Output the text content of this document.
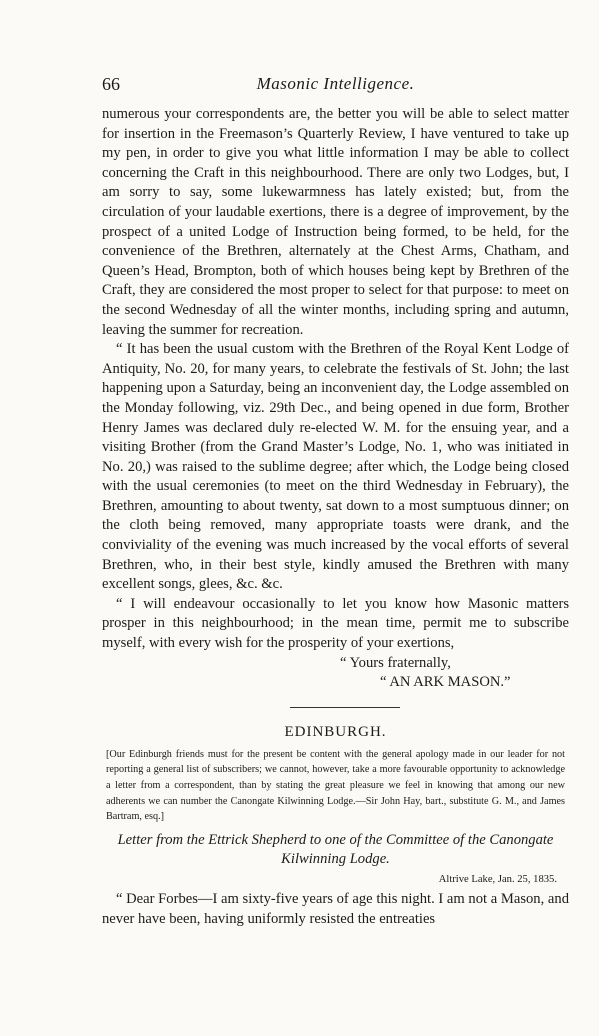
66	Masonic Intelligence.

numerous your correspondents are, the better you will be able to select matter for insertion in the Freemason’s Quarterly Review, I have ventured to take up my pen, in order to give you what little information I may be able to collect concerning the Craft in this neighbourhood. There are only two Lodges, but, I am sorry to say, some lukewarmness has lately existed; but, from the circulation of your laudable exertions, there is a degree of improvement, by the prospect of a united Lodge of Instruction being formed, to be held, for the convenience of the Brethren, alternately at the Chest Arms, Chatham, and Queen’s Head, Brompton, both of which houses being kept by Brethren of the Craft, they are considered the most proper to select for that purpose: to meet on the second Wednesday of all the winter months, including spring and autumn, leaving the summer for recreation.

“ It has been the usual custom with the Brethren of the Royal Kent Lodge of Antiquity, No. 20, for many years, to celebrate the festivals of St. John; the last happening upon a Saturday, being an inconvenient day, the Lodge assembled on the Monday following, viz. 29th Dec., and being opened in due form, Brother Henry James was declared duly re-elected W. M. for the ensuing year, and a visiting Brother (from the Grand Master’s Lodge, No. 1, who was initiated in No. 20,) was raised to the sublime degree; after which, the Lodge being closed with the usual ceremonies (to meet on the third Wednesday in February), the Brethren, amounting to about twenty, sat down to a most sumptuous dinner; on the cloth being removed, many appropriate toasts were drank, and the conviviality of the evening was much increased by the vocal efforts of several Brethren, who, in their best style, kindly amused the Brethren with many excellent songs, glees, &c. &c.

“ I will endeavour occasionally to let you know how Masonic matters prosper in this neighbourhood; in the mean time, permit me to subscribe myself, with every wish for the prosperity of your exertions,

“ Yours fraternally,

“ AN ARK MASON.”

EDINBURGH.

[Our Edinburgh friends must for the present be content with the general apology made in our leader for not reporting a general list of subscribers; we cannot, however, take a more favourable opportunity to acknowledge a letter from a correspondent, than by stating the great pleasure we feel in knowing that among our new adherents we can number the Canongate Kilwinning Lodge.—Sir John Hay, bart., substitute G. M., and James Bartram, esq.]

Letter from the Ettrick Shepherd to one of the Committee of the Canongate Kilwinning Lodge.

Altrive Lake, Jan. 25, 1835.

“ Dear Forbes—I am sixty-five years of age this night. I am not a Mason, and never have been, having uniformly resisted the entreaties
